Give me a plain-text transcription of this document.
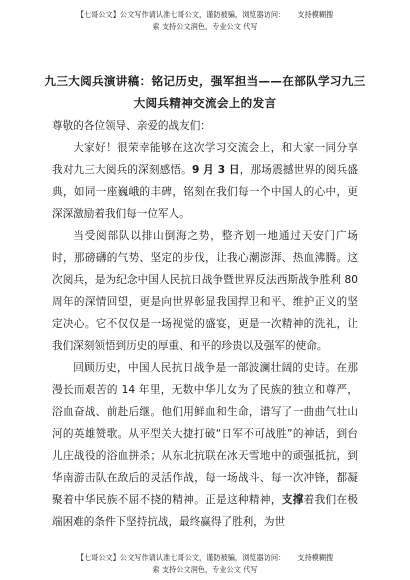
【七哥公文】公文写作请认准七哥公文，谨防被骗，浏览器访问： 支持模糊搜
索 支持公文润色，专业公文 代写
九三大阅兵演讲稿：铭记历史，强军担当——在部队学习九三
大阅兵精神交流会上的发言

尊敬的各位领导、亲爱的战友们：

大家好！很荣幸能够在这次学习交流会上，和大家一同分享我对九三大阅兵的深刻感悟。9 月 3 日，那场震撼世界的阅兵盛典，如同一座巍峨的丰碑，铭刻在我们每一个中国人的心中，更深深激励着我们每一位军人。

当受阅部队以排山倒海之势，整齐划一地通过天安门广场时，那磅礴的气势、坚定的步伐，让我心潮澎湃、热血沸腾。这次阅兵，是为纪念中国人民抗日战争暨世界反法西斯战争胜利 80 周年的深情回望，更是向世界彰显我国捍卫和平、维护正义的坚定决心。它不仅仅是一场视觉的盛宴，更是一次精神的洗礼，让我们深刻领悟到历史的厚重、和平的珍贵以及强军的使命。

回顾历史，中国人民抗日战争是一部波澜壮阔的史诗。在那漫长而艰苦的 14 年里，无数中华儿女为了民族的独立和尊严，浴血奋战、前赴后继。他们用鲜血和生命，谱写了一曲曲气壮山河的英雄赞歌。从平型关大捷打破“日军不可战胜”的神话，到台儿庄战役的浴血拼杀；从东北抗联在冰天雪地中的顽强抵抗，到华南游击队在敌后的灵活作战，每一场战斗、每一次冲锋，都凝聚着中华民族不屈不挠的精神。正是这种精神，支撑着我们在极端困难的条件下坚持抗战，最终赢得了胜利，为世

【七哥公文】公文写作请认准七哥公文，谨防被骗，浏览器访问： 支持模糊搜
索 支持公文润色，专业公文 代写
